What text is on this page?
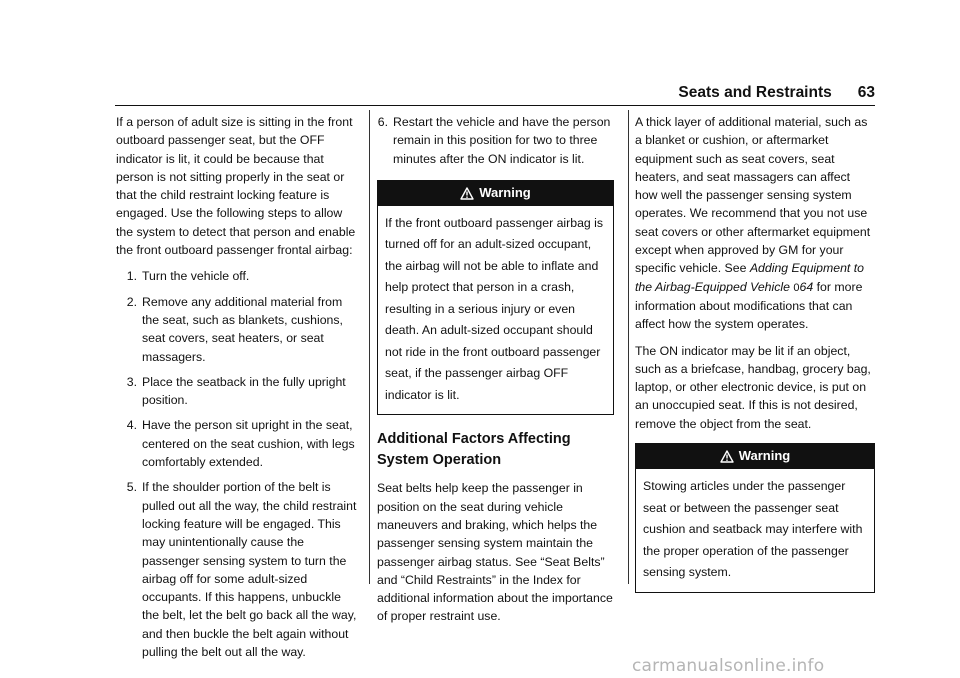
Seats and Restraints 63

If a person of adult size is sitting in the front outboard passenger seat, but the OFF indicator is lit, it could be because that person is not sitting properly in the seat or that the child restraint locking feature is engaged. Use the following steps to allow the system to detect that person and enable the front outboard passenger frontal airbag:

1. Turn the vehicle off.
2. Remove any additional material from the seat, such as blankets, cushions, seat covers, seat heaters, or seat massagers.
3. Place the seatback in the fully upright position.
4. Have the person sit upright in the seat, centered on the seat cushion, with legs comfortably extended.
5. If the shoulder portion of the belt is pulled out all the way, the child restraint locking feature will be engaged. This may unintentionally cause the passenger sensing system to turn the airbag off for some adult-sized occupants. If this happens, unbuckle the belt, let the belt go back all the way, and then buckle the belt again without pulling the belt out all the way.
6. Restart the vehicle and have the person remain in this position for two to three minutes after the ON indicator is lit.
Warning
If the front outboard passenger airbag is turned off for an adult-sized occupant, the airbag will not be able to inflate and help protect that person in a crash, resulting in a serious injury or even death. An adult-sized occupant should not ride in the front outboard passenger seat, if the passenger airbag OFF indicator is lit.
Additional Factors Affecting System Operation

Seat belts help keep the passenger in position on the seat during vehicle maneuvers and braking, which helps the passenger sensing system maintain the passenger airbag status. See “Seat Belts” and “Child Restraints” in the Index for additional information about the importance of proper restraint use.

A thick layer of additional material, such as a blanket or cushion, or aftermarket equipment such as seat covers, seat heaters, and seat massagers can affect how well the passenger sensing system operates. We recommend that you not use seat covers or other aftermarket equipment except when approved by GM for your specific vehicle. See Adding Equipment to the Airbag-Equipped Vehicle 064 for more information about modifications that can affect how the system operates.

The ON indicator may be lit if an object, such as a briefcase, handbag, grocery bag, laptop, or other electronic device, is put on an unoccupied seat. If this is not desired, remove the object from the seat.

Warning
Stowing articles under the passenger seat or between the passenger seat cushion and seatback may interfere with the proper operation of the passenger sensing system.
carmanualsonline.info
